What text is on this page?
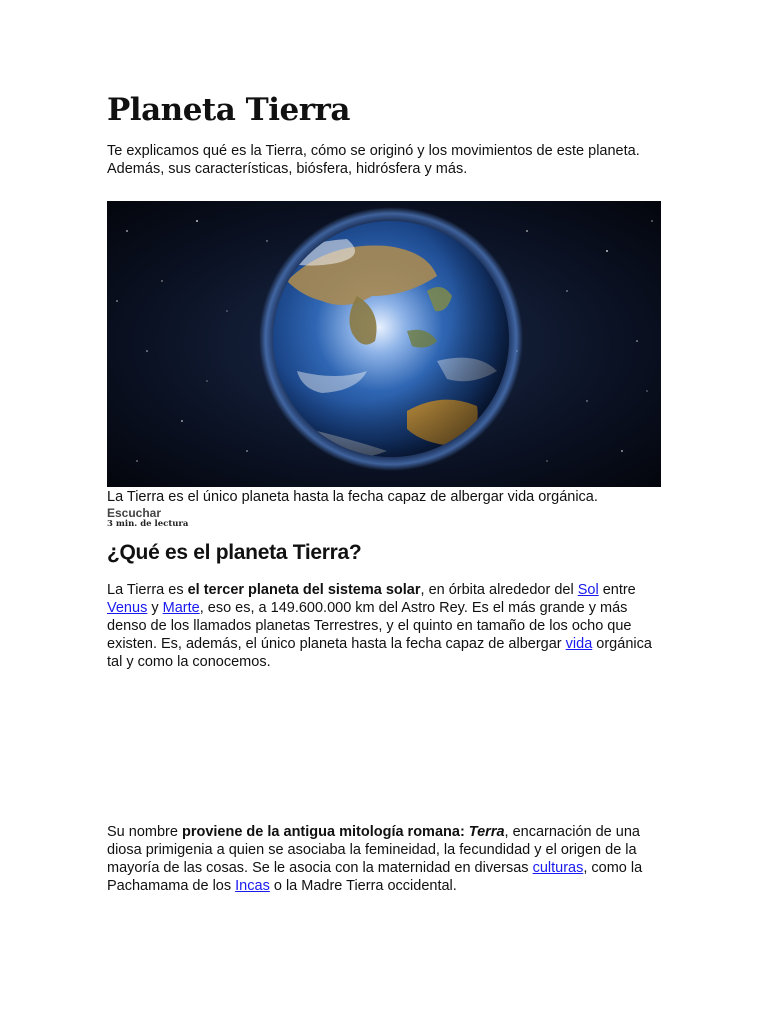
Planeta Tierra

Te explicamos qué es la Tierra, cómo se originó y los movimientos de este planeta. Además, sus características, biósfera, hidrósfera y más.

La Tierra es el único planeta hasta la fecha capaz de albergar vida orgánica.

Escuchar

3 min. de lectura

¿Qué es el planeta Tierra?

La Tierra es el tercer planeta del sistema solar, en órbita alrededor del Sol entre Venus y Marte, eso es, a 149.600.000 km del Astro Rey. Es el más grande y más denso de los llamados planetas Terrestres, y el quinto en tamaño de los ocho que existen. Es, además, el único planeta hasta la fecha capaz de albergar vida orgánica tal y como la conocemos.

Su nombre proviene de la antigua mitología romana: Terra, encarnación de una diosa primigenia a quien se asociaba la femineidad, la fecundidad y el origen de la mayoría de las cosas. Se le asocia con la maternidad en diversas culturas, como la Pachamama de los Incas o la Madre Tierra occidental.
